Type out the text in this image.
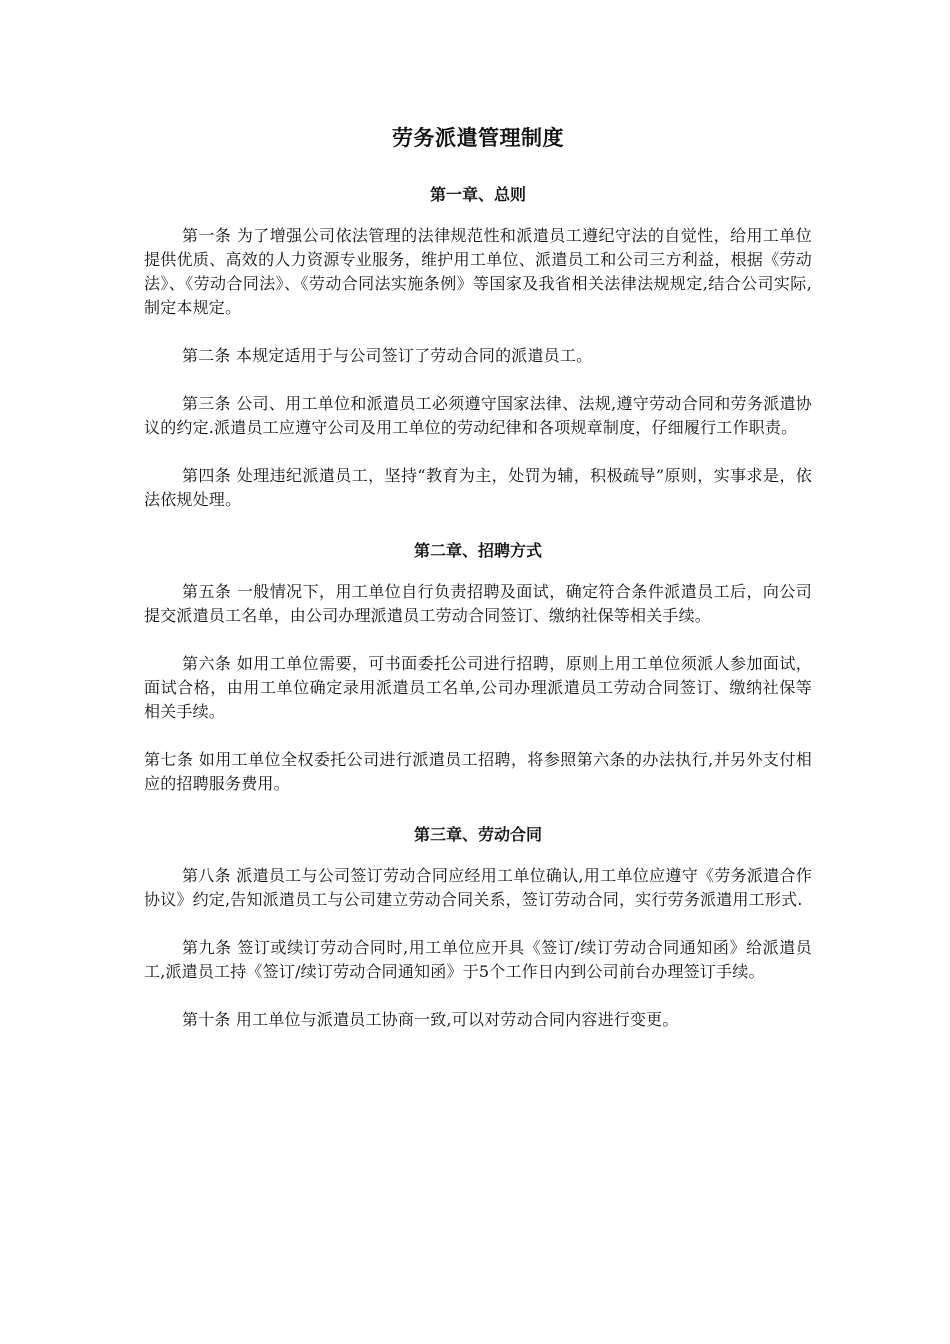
劳务派遣管理制度
第一章、总则

第一条 为了增强公司依法管理的法律规范性和派遣员工遵纪守法的自觉性，给用工单位提供优质、高效的人力资源专业服务，维护用工单位、派遣员工和公司三方利益，根据《劳动法》、《劳动合同法》、《劳动合同法实施条例》等国家及我省相关法律法规规定,结合公司实际,制定本规定。

第二条 本规定适用于与公司签订了劳动合同的派遣员工。

第三条 公司、用工单位和派遣员工必须遵守国家法律、法规,遵守劳动合同和劳务派遣协议的约定.派遣员工应遵守公司及用工单位的劳动纪律和各项规章制度，仔细履行工作职责。

第四条 处理违纪派遣员工，坚持“教育为主，处罚为辅，积极疏导”原则，实事求是，依法依规处理。

第二章、招聘方式

第五条 一般情况下，用工单位自行负责招聘及面试，确定符合条件派遣员工后，向公司提交派遣员工名单，由公司办理派遣员工劳动合同签订、缴纳社保等相关手续。

第六条 如用工单位需要，可书面委托公司进行招聘，原则上用工单位须派人参加面试，面试合格，由用工单位确定录用派遣员工名单,公司办理派遣员工劳动合同签订、缴纳社保等相关手续。

第七条 如用工单位全权委托公司进行派遣员工招聘，将参照第六条的办法执行,并另外支付相应的招聘服务费用。

第三章、劳动合同

第八条 派遣员工与公司签订劳动合同应经用工单位确认,用工单位应遵守《劳务派遣合作协议》约定,告知派遣员工与公司建立劳动合同关系，签订劳动合同，实行劳务派遣用工形式.

第九条 签订或续订劳动合同时,用工单位应开具《签订/续订劳动合同通知函》给派遣员工,派遣员工持《签订/续订劳动合同通知函》于5个工作日内到公司前台办理签订手续。

第十条 用工单位与派遣员工协商一致,可以对劳动合同内容进行变更。
